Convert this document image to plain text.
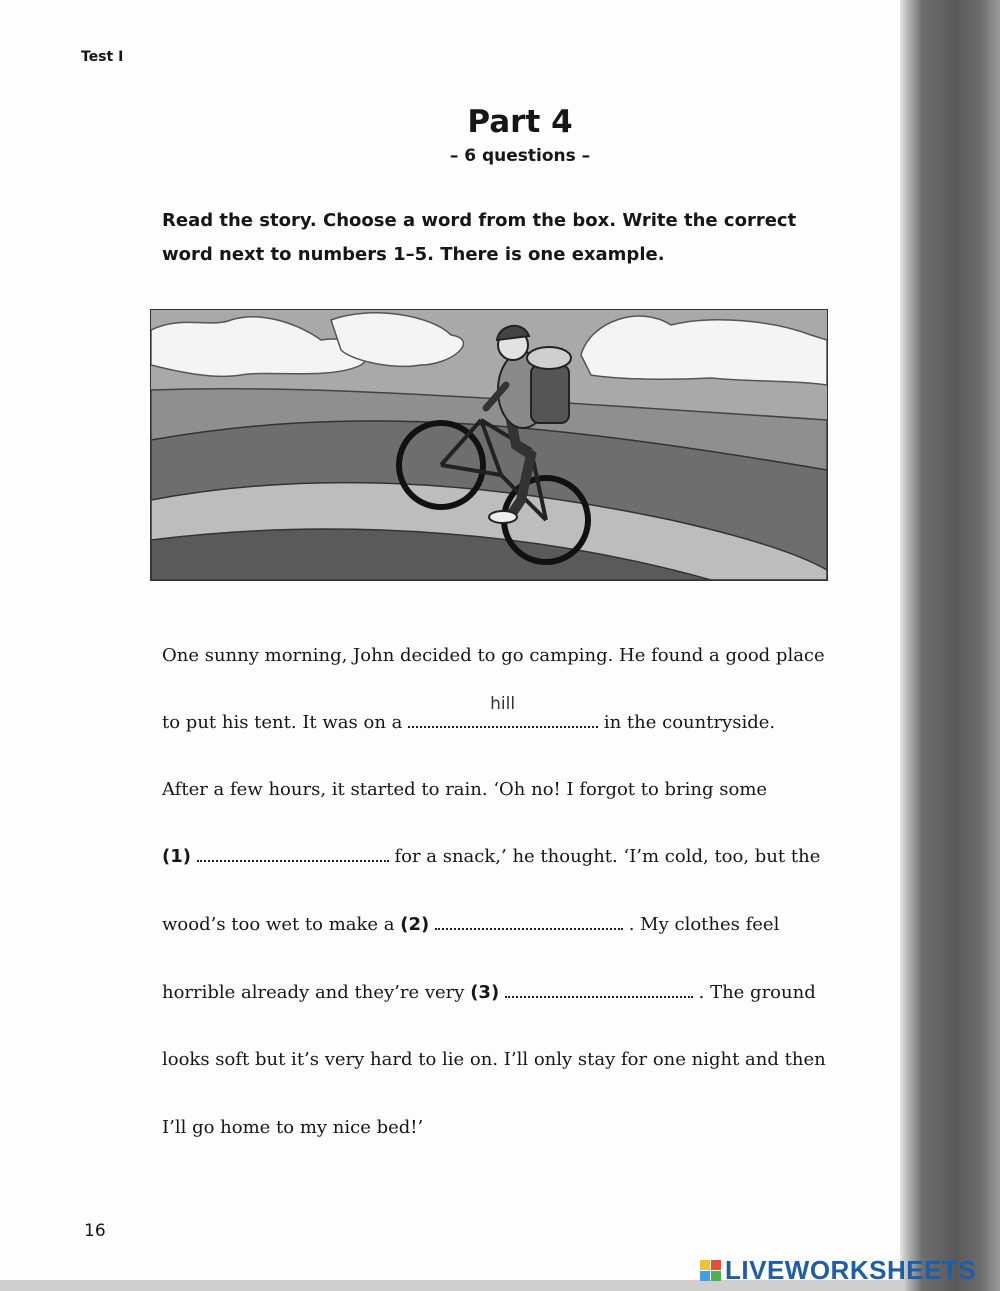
Test I
Part 4
– 6 questions –
Read the story. Choose a word from the box. Write the correct word next to numbers 1–5. There is one example.
One sunny morning, John decided to go camping. He found a good place
to put his tent. It was on a
hill
in the countryside.
After a few hours, it started to rain. ‘Oh no! I forgot to bring some
(1)	for a snack,’ he thought. ‘I’m cold, too, but the
wood’s too wet to make a (2)	. My clothes feel
horrible already and they’re very (3)	. The ground
looks soft but it’s very hard to lie on. I’ll only stay for one night and then
I’ll go home to my nice bed!’
16
LIVEWORKSHEETS
